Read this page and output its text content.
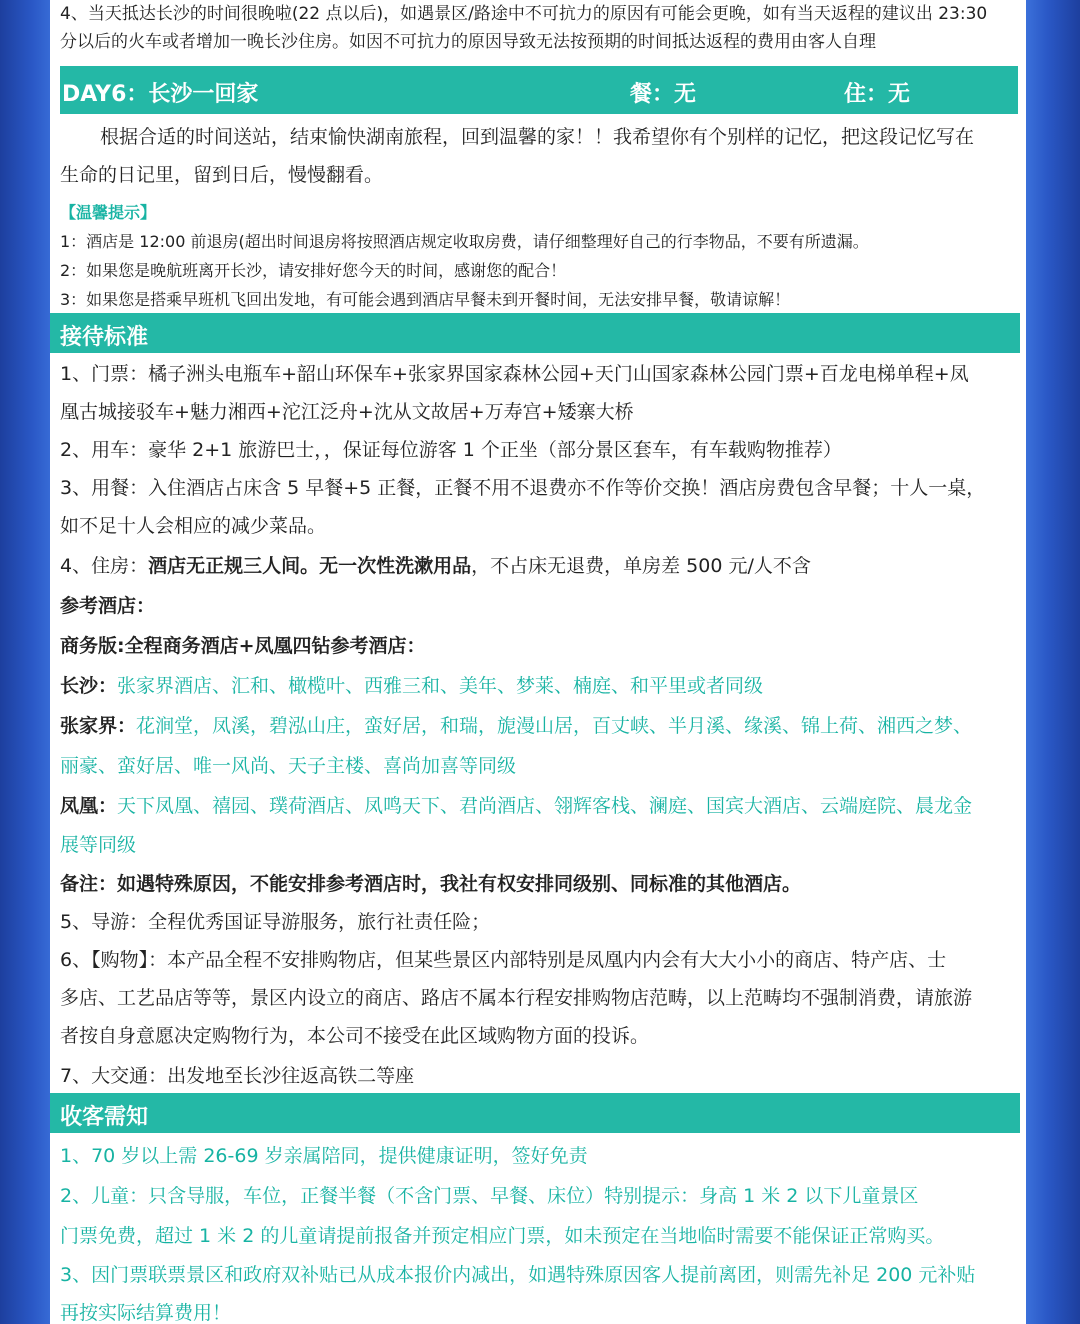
4、当天抵达长沙的时间很晚啦(22 点以后)，如遇景区/路途中不可抗力的原因有可能会更晚，如有当天返程的建议出 23:30

分以后的火车或者增加一晚长沙住房。如因不可抗力的原因导致无法按预期的时间抵达返程的费用由客人自理

DAY6：长沙一回家	餐：无	住：无

根据合适的时间送站，结束愉快湖南旅程，回到温馨的家！！我希望你有个别样的记忆，把这段记忆写在

生命的日记里，留到日后，慢慢翻看。

【温馨提示】

1：酒店是 12:00 前退房(超出时间退房将按照酒店规定收取房费，请仔细整理好自己的行李物品，不要有所遗漏。

2：如果您是晚航班离开长沙，请安排好您今天的时间，感谢您的配合！

3：如果您是搭乘早班机飞回出发地，有可能会遇到酒店早餐未到开餐时间，无法安排早餐，敬请谅解！

接待标准

1、门票：橘子洲头电瓶车+韶山环保车+张家界国家森林公园+天门山国家森林公园门票+百龙电梯单程+凤

凰古城接驳车+魅力湘西+沱江泛舟+沈从文故居+万寿宫+矮寨大桥

2、用车：豪华 2+1 旅游巴士，，保证每位游客 1 个正坐（部分景区套车，有车载购物推荐）

3、用餐：入住酒店占床含 5 早餐+5 正餐，正餐不用不退费亦不作等价交换！酒店房费包含早餐；十人一桌，

如不足十人会相应的减少菜品。

4、住房：酒店无正规三人间。无一次性洗漱用品，不占床无退费，单房差 500 元/人不含

参考酒店：

商务版:全程商务酒店+凤凰四钻参考酒店：

长沙：张家界酒店、汇和、橄榄叶、西雅三和、美年、梦莱、楠庭、和平里或者同级

张家界：花涧堂，凤溪，碧泓山庄，蛮好居，和瑞，旎漫山居，百丈峡、半月溪、缘溪、锦上荷、湘西之梦、

丽豪、蛮好居、唯一风尚、天子主楼、喜尚加喜等同级

凤凰：天下凤凰、禧园、璞荷酒店、凤鸣天下、君尚酒店、翎辉客栈、澜庭、国宾大酒店、云端庭院、晨龙金

展等同级

备注：如遇特殊原因，不能安排参考酒店时，我社有权安排同级别、同标准的其他酒店。

5、导游：全程优秀国证导游服务，旅行社责任险；

6、【购物】：本产品全程不安排购物店，但某些景区内部特别是凤凰内内会有大大小小的商店、特产店、士

多店、工艺品店等等，景区内设立的商店、路店不属本行程安排购物店范畴，以上范畴均不强制消费，请旅游

者按自身意愿决定购物行为，本公司不接受在此区域购物方面的投诉。

7、大交通：出发地至长沙往返高铁二等座

收客需知

1、70 岁以上需 26-69 岁亲属陪同，提供健康证明，签好免责

2、儿童：只含导服，车位，正餐半餐（不含门票、早餐、床位）特别提示：身高 1 米 2 以下儿童景区

门票免费，超过 1 米 2 的儿童请提前报备并预定相应门票，如未预定在当地临时需要不能保证正常购买。

3、因门票联票景区和政府双补贴已从成本报价内减出，如遇特殊原因客人提前离团，则需先补足 200 元补贴

再按实际结算费用！
